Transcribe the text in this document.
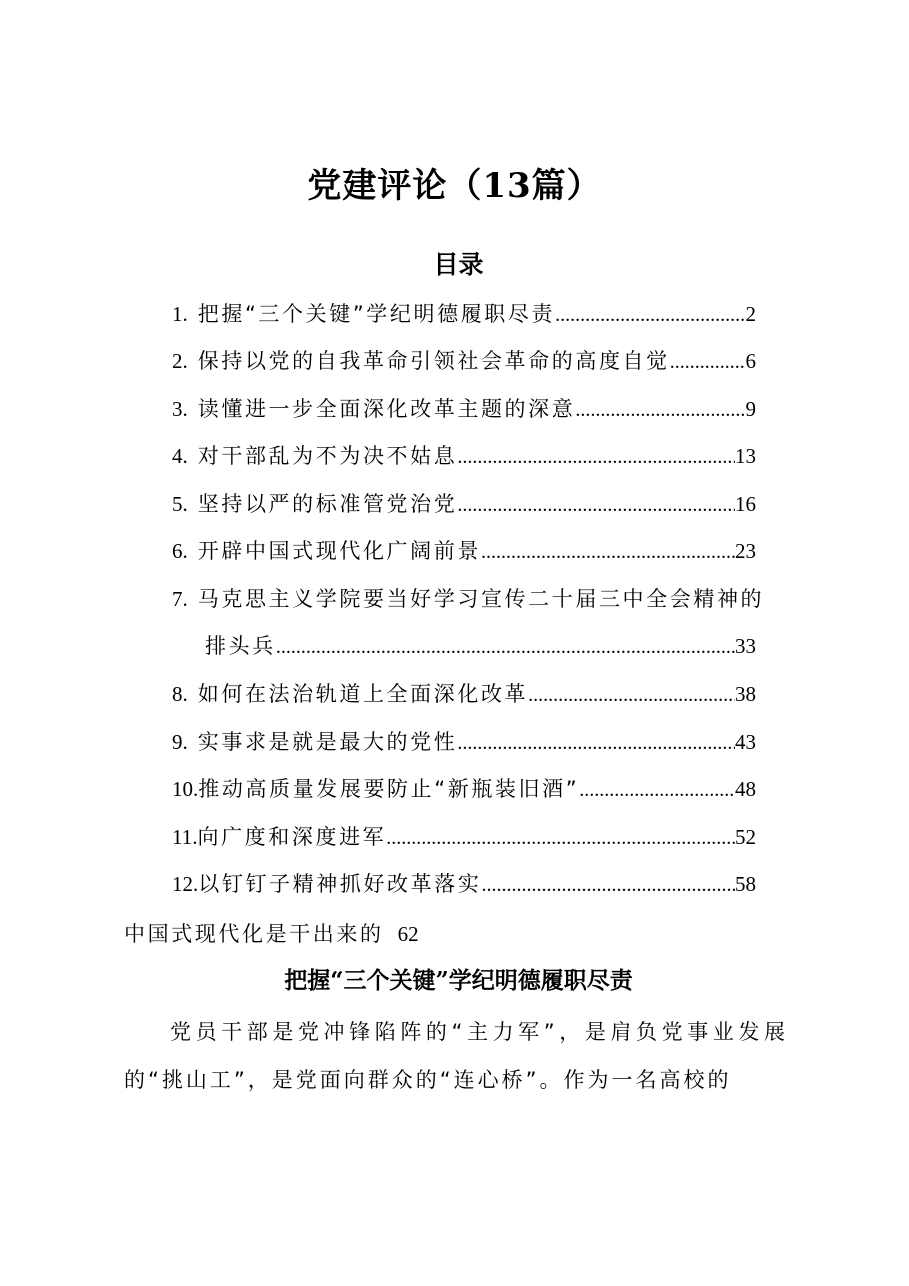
党建评论（13篇）
目录
1. 把握“三个关键”学纪明德履职尽责 .....	2
2. 保持以党的自我革命引领社会革命的高度自觉 .....	6
3. 读懂进一步全面深化改革主题的深意 .....	9
4. 对干部乱为不为决不姑息 .....	13
5. 坚持以严的标准管党治党 .....	16
6. 开辟中国式现代化广阔前景 .....	23
7. 马克思主义学院要当好学习宣传二十届三中全会精神的
排头兵 .....	33
8. 如何在法治轨道上全面深化改革 .....	38
9. 实事求是就是最大的党性 .....	43
10. 推动高质量发展要防止“新瓶装旧酒” .....	48
11. 向广度和深度进军 .....	52
12. 以钉钉子精神抓好改革落实 .....	58
中国式现代化是干出来的 62
把握“三个关键”学纪明德履职尽责
党员干部是党冲锋陷阵的“主力军”，是肩负党事业发展的“挑山工”，是党面向群众的“连心桥”。作为一名高校的
